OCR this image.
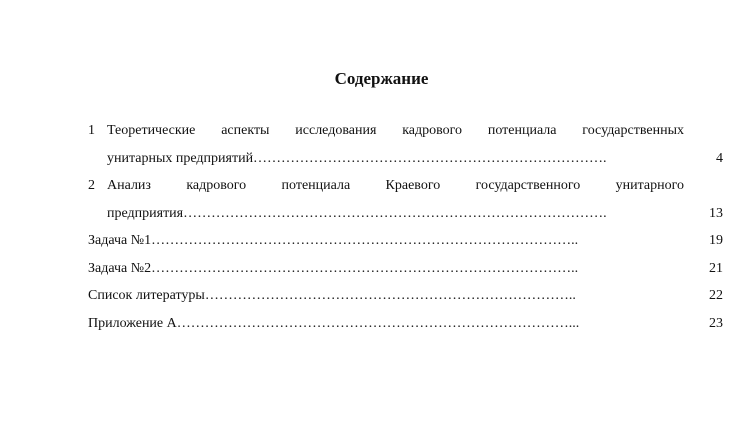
Содержание
1 Теоретические аспекты исследования кадрового потенциала государственных
унитарных предприятий………………………………………………………………….	4
2 Анализ кадрового потенциала Краевого государственного унитарного
предприятия……………………………………………………………………………….	13
Задача №1………………………………………………………………………………..	19
Задача №2………………………………………………………………………………..	21
Список литературы……………………………………………………………………..	22
Приложение А…………………………………………………………………………...	23
